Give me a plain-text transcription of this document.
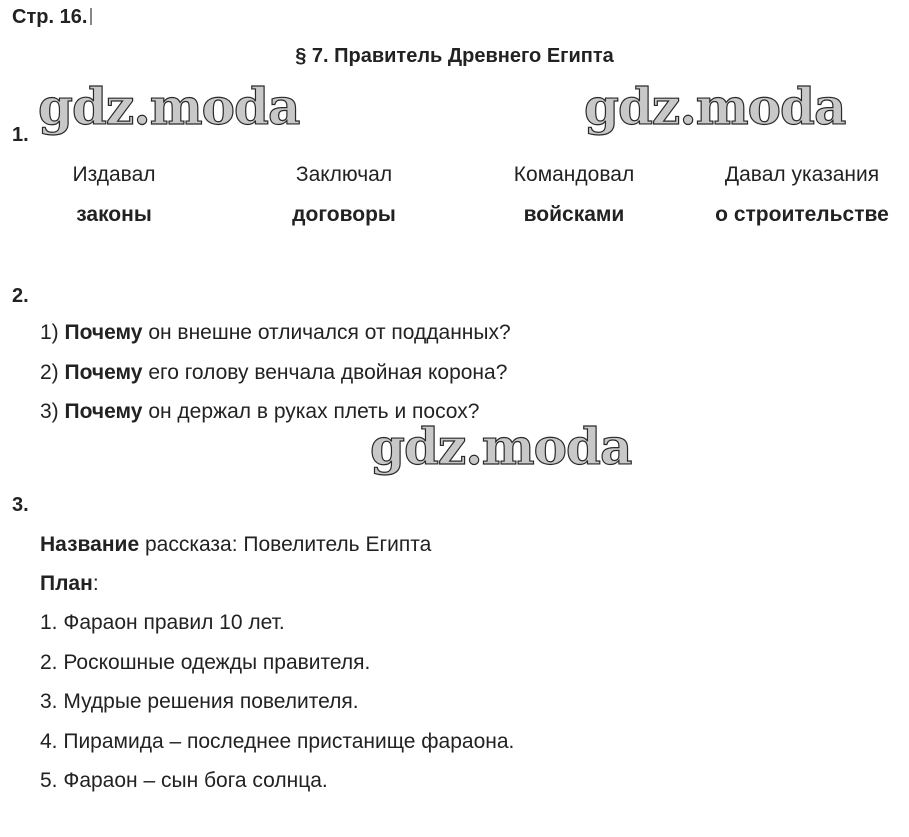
Стр. 16.
§ 7. Правитель Древнего Египта
gdz.moda	gdz.moda
gdz.moda
1.
Издавал
законы
Заключал
договоры
Командовал
войсками
Давал указания
о строительстве
2.
1) Почему он внешне отличался от подданных?
2) Почему его голову венчала двойная корона?
3) Почему он держал в руках плеть и посох?
3.
Название рассказа: Повелитель Египта
План:
1. Фараон правил 10 лет.
2. Роскошные одежды правителя.
3. Мудрые решения повелителя.
4. Пирамида – последнее пристанище фараона.
5. Фараон – сын бога солнца.
